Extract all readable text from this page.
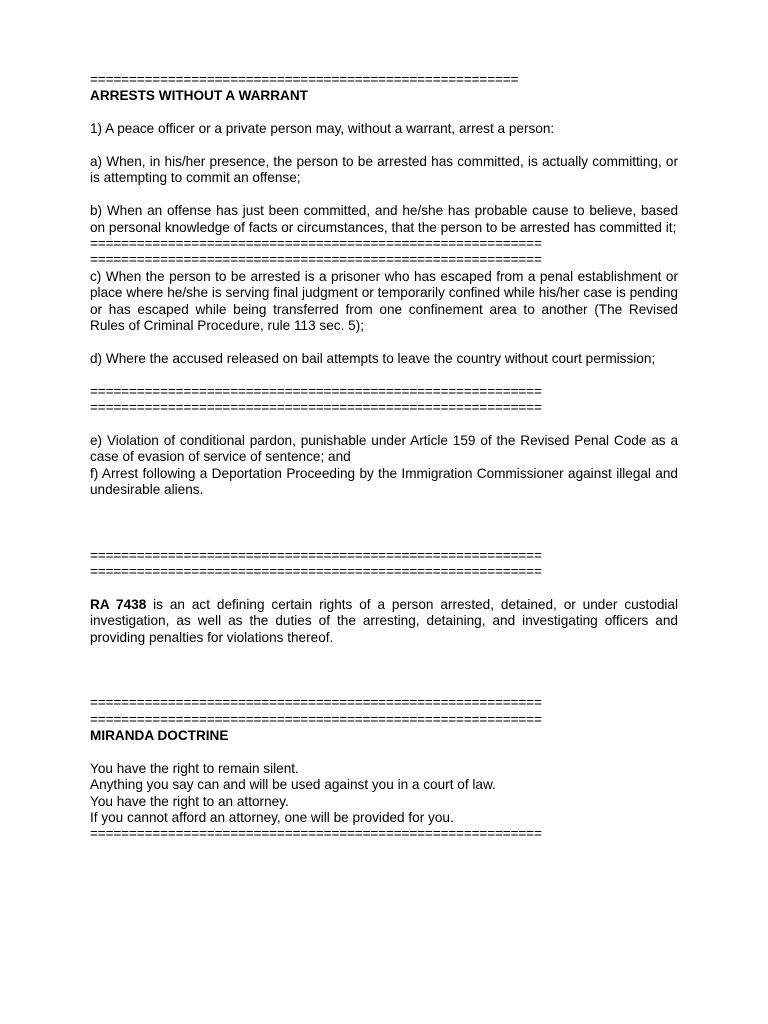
=======================================================
ARRESTS WITHOUT A WARRANT
1) A peace officer or a private person may, without a warrant, arrest a person:
a) When, in his/her presence, the person to be arrested has committed, is actually committing, or is attempting to commit an offense;
b) When an offense has just been committed, and he/she has probable cause to believe, based on personal knowledge of facts or circumstances, that the person to be arrested has committed it;
==========================================================
==========================================================
c) When the person to be arrested is a prisoner who has escaped from a penal establishment or place where he/she is serving final judgment or temporarily confined while his/her case is pending or has escaped while being transferred from one confinement area to another (The Revised Rules of Criminal Procedure, rule 113 sec. 5);
d) Where the accused released on bail attempts to leave the country without court permission;
==========================================================
==========================================================
e) Violation of conditional pardon, punishable under Article 159 of the Revised Penal Code as a case of evasion of service of sentence; and
f) Arrest following a Deportation Proceeding by the Immigration Commissioner against illegal and undesirable aliens.
==========================================================
==========================================================
RA 7438 is an act defining certain rights of a person arrested, detained, or under custodial investigation, as well as the duties of the arresting, detaining, and investigating officers and providing penalties for violations thereof.
==========================================================
==========================================================
MIRANDA DOCTRINE
You have the right to remain silent.
Anything you say can and will be used against you in a court of law.
You have the right to an attorney.
If you cannot afford an attorney, one will be provided for you.
==========================================================
